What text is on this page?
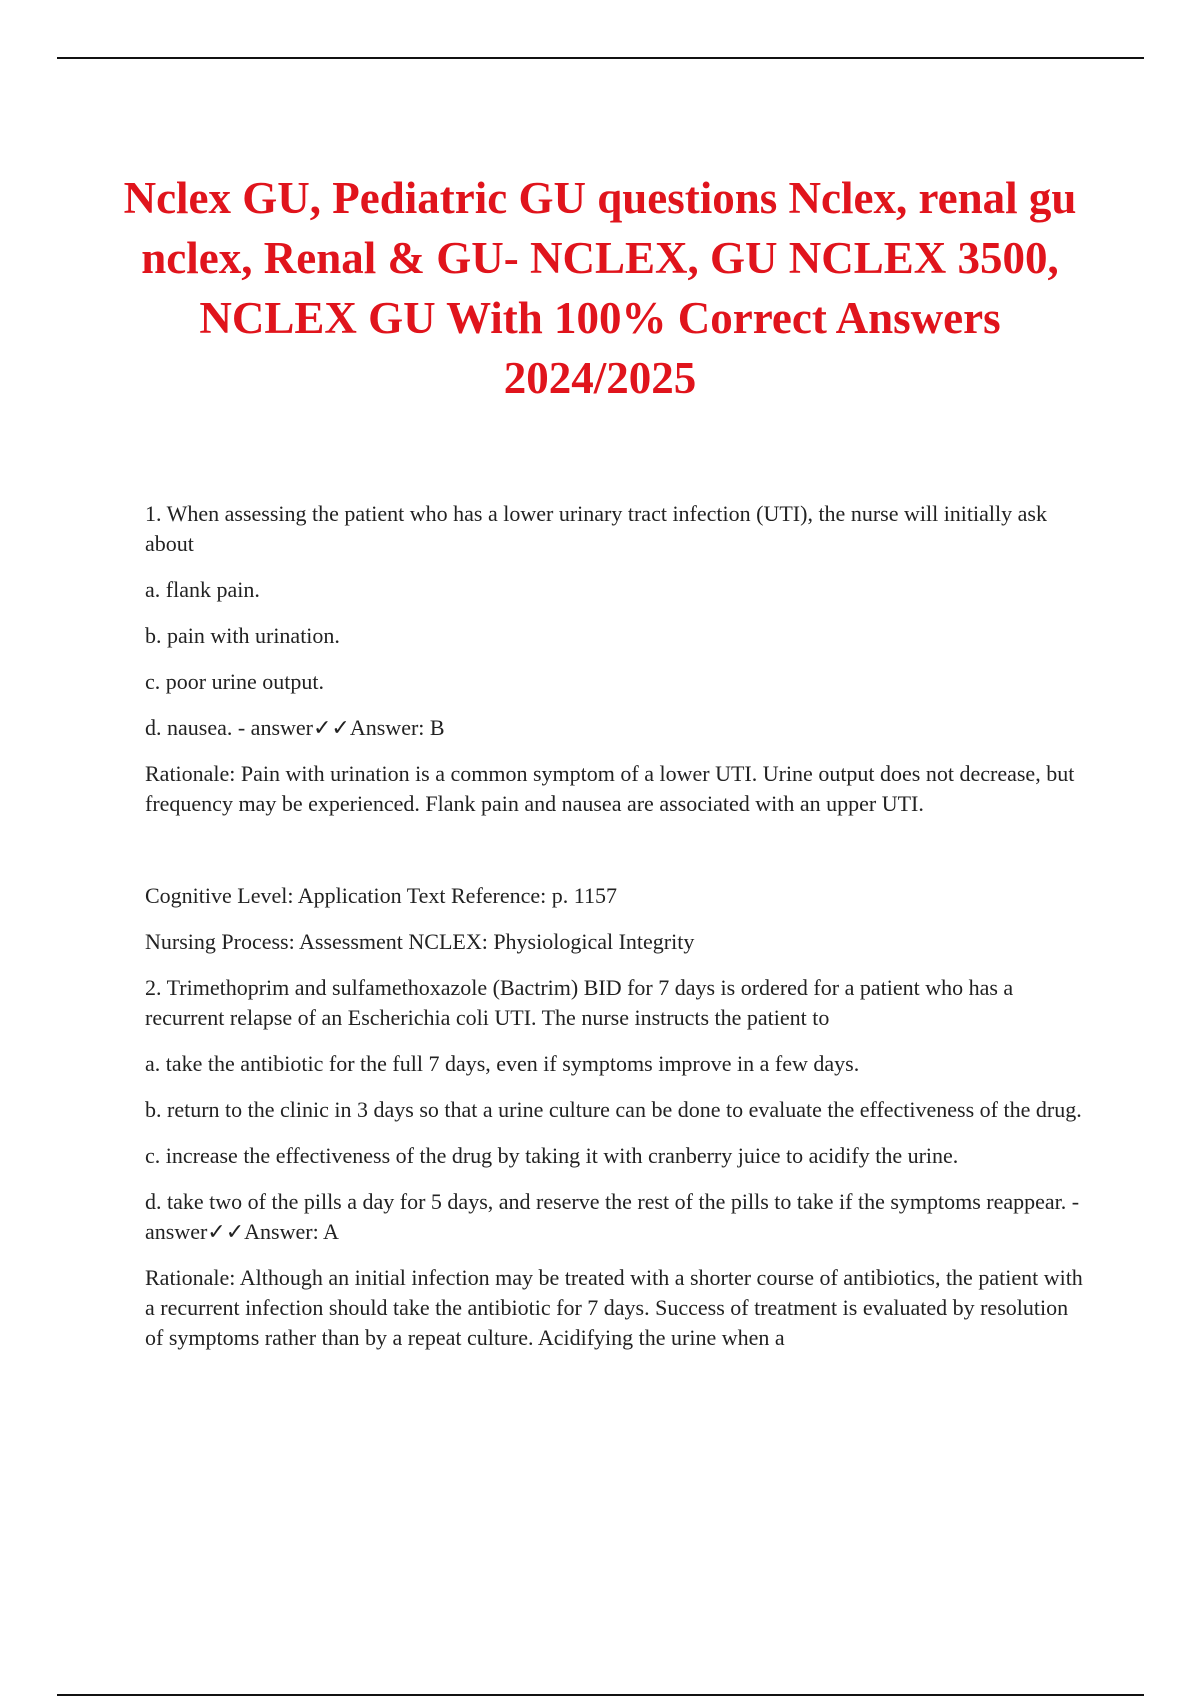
Nclex GU, Pediatric GU questions Nclex, renal gu nclex, Renal & GU- NCLEX, GU NCLEX 3500, NCLEX GU With 100% Correct Answers 2024/2025

1. When assessing the patient who has a lower urinary tract infection (UTI), the nurse will initially ask about

a. flank pain.

b. pain with urination.

c. poor urine output.

d. nausea. - answer✓✓Answer: B

Rationale: Pain with urination is a common symptom of a lower UTI. Urine output does not decrease, but frequency may be experienced. Flank pain and nausea are associated with an upper UTI.

Cognitive Level: Application Text Reference: p. 1157

Nursing Process: Assessment NCLEX: Physiological Integrity

2. Trimethoprim and sulfamethoxazole (Bactrim) BID for 7 days is ordered for a patient who has a recurrent relapse of an Escherichia coli UTI. The nurse instructs the patient to

a. take the antibiotic for the full 7 days, even if symptoms improve in a few days.

b. return to the clinic in 3 days so that a urine culture can be done to evaluate the effectiveness of the drug.

c. increase the effectiveness of the drug by taking it with cranberry juice to acidify the urine.

d. take two of the pills a day for 5 days, and reserve the rest of the pills to take if the symptoms reappear. - answer✓✓Answer: A

Rationale: Although an initial infection may be treated with a shorter course of antibiotics, the patient with a recurrent infection should take the antibiotic for 7 days. Success of treatment is evaluated by resolution of symptoms rather than by a repeat culture. Acidifying the urine when a
